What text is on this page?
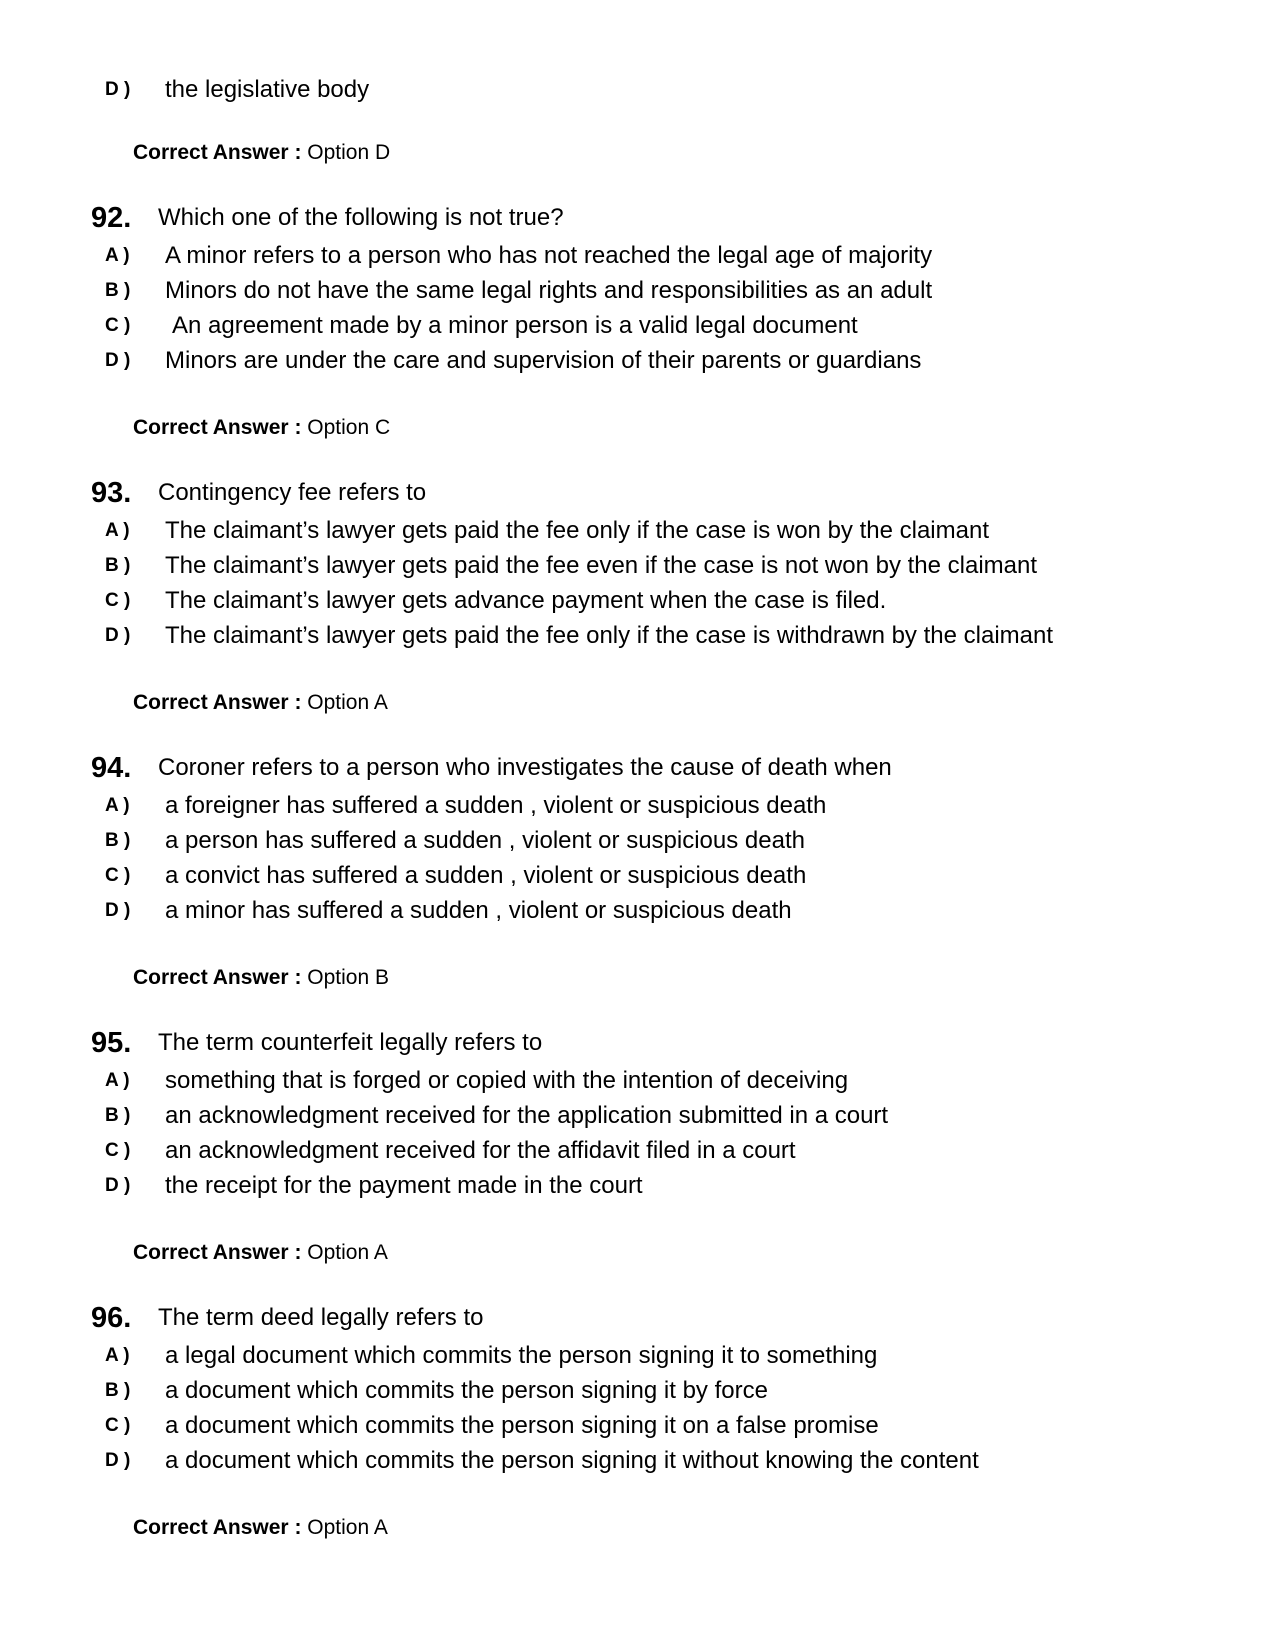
D ) the legislative body
Correct Answer : Option D
92. Which one of the following is not true?
A ) A minor refers to a person who has not reached the legal age of majority
B ) Minors do not have the same legal rights and responsibilities as an adult
C ) An agreement made by a minor person is a valid legal document
D ) Minors are under the care and supervision of their parents or guardians
Correct Answer : Option C
93. Contingency fee refers to
A ) The claimant’s lawyer gets paid the fee only if the case is won by the claimant
B ) The claimant’s lawyer gets paid the fee even if the case is not won by the claimant
C ) The claimant’s lawyer gets advance payment when the case is filed.
D ) The claimant’s lawyer gets paid the fee only if the case is withdrawn by the claimant
Correct Answer : Option A
94. Coroner refers to a person who investigates the cause of death when
A ) a foreigner has suffered a sudden , violent or suspicious death
B ) a person has suffered a sudden , violent or suspicious death
C ) a convict has suffered a sudden , violent or suspicious death
D ) a minor has suffered a sudden , violent or suspicious death
Correct Answer : Option B
95. The term counterfeit legally refers to
A ) something that is forged or copied with the intention of deceiving
B ) an acknowledgment received for the application submitted in a court
C ) an acknowledgment received for the affidavit filed in a court
D ) the receipt for the payment made in the court
Correct Answer : Option A
96. The term deed legally refers to
A ) a legal document which commits the person signing it to something
B ) a document which commits the person signing it by force
C ) a document which commits the person signing it on a false promise
D ) a document which commits the person signing it without knowing the content
Correct Answer : Option A
